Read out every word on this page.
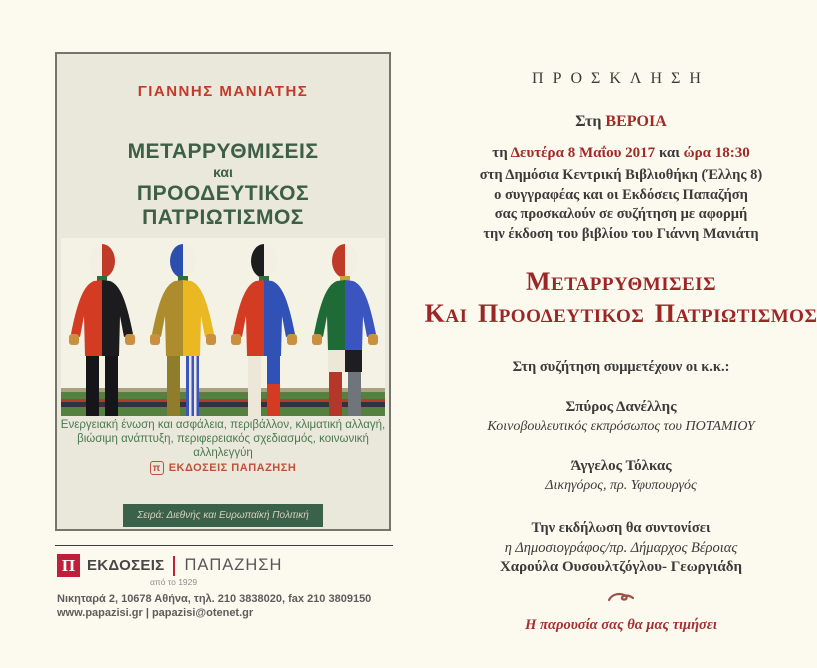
ΓΙΑΝΝΗΣ ΜΑΝΙΑΤΗΣ
ΜΕΤΑΡΡΥΘΜΙΣΕΙΣ
και
ΠΡΟΟΔΕΥΤΙΚΟΣ ΠΑΤΡΙΩΤΙΣΜΟΣ
Ενεργειακή ένωση και ασφάλεια, περιβάλλον, κλιματική αλλαγή,
βιώσιμη ανάπτυξη, περιφερειακός σχεδιασμός, κοινωνική αλληλεγγύη
π ΕΚΔΟΣΕΙΣ ΠΑΠΑΖΗΣΗ
Σειρά: Διεθνής και Ευρωπαϊκή Πολιτική
Π ΕΚΔΟΣΕΙΣ ΠΑΠΑΖΗΣΗ
από το 1929
Νικηταρά 2, 10678 Αθήνα, τηλ. 210 3838020, fax 210 3809150
www.papazisi.gr | papazisi@otenet.gr
ΠΡΟΣΚΛΗΣΗ
Στη ΒΕΡΟΙΑ
τη Δευτέρα 8 Μαΐου 2017 και ώρα 18:30
στη Δημόσια Κεντρική Βιβλιοθήκη (Έλλης 8)
ο συγγραφέας και οι Εκδόσεις Παπαζήση
σας προσκαλούν σε συζήτηση με αφορμή
την έκδοση του βιβλίου του Γιάννη Μανιάτη
ΜΕΤΑΡΡΥΘΜΙΣΕΙΣ
ΚΑΙ ΠΡΟΟΔΕΥΤΙΚΟΣ ΠΑΤΡΙΩΤΙΣΜΟΣ
Στη συζήτηση συμμετέχουν οι κ.κ.:
Σπύρος Δανέλλης
Κοινοβουλευτικός εκπρόσωπος του ΠΟΤΑΜΙΟΥ
Άγγελος Τόλκας
Δικηγόρος, πρ. Υφυπουργός
Την εκδήλωση θα συντονίσει
η Δημοσιογράφος/πρ. Δήμαρχος Βέροιας
Χαρούλα Ουσουλτζόγλου- Γεωργιάδη
Η παρουσία σας θα μας τιμήσει
